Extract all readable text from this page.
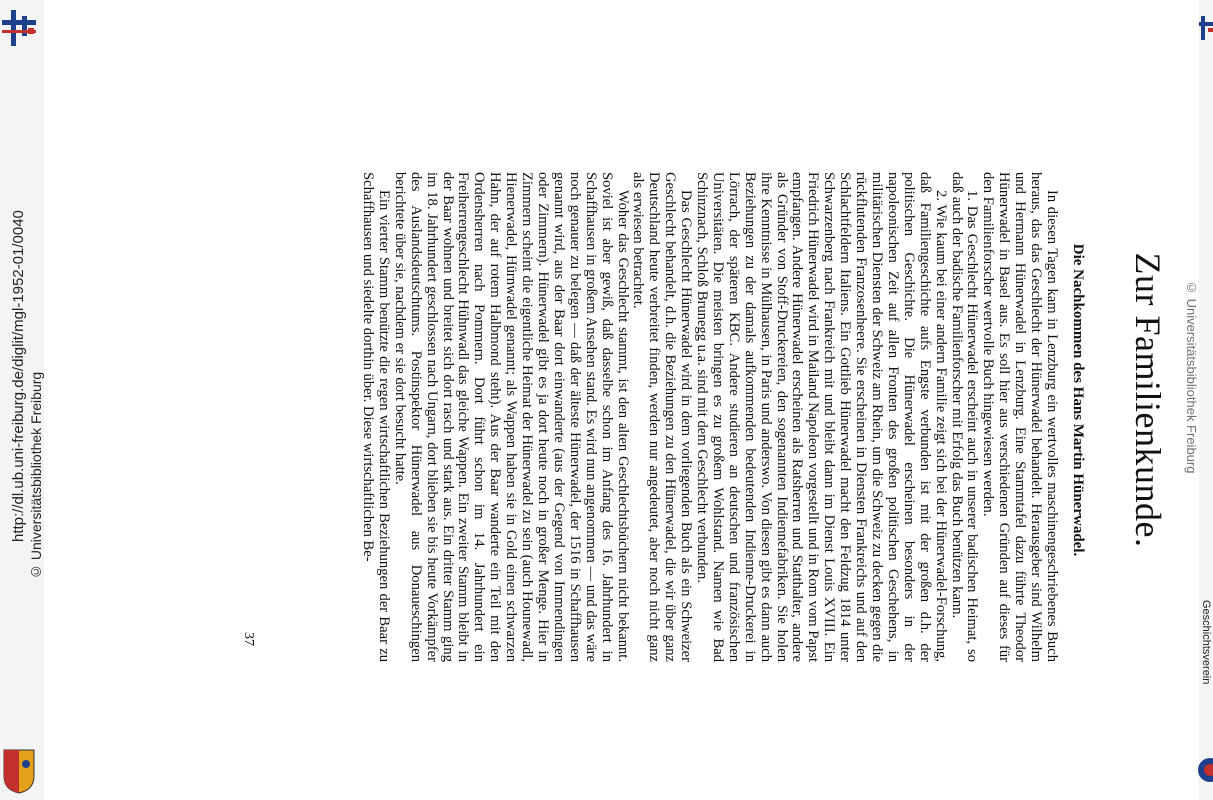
http://dl.ub.uni-freiburg.de/diglit/mgl-1952-01/0040 © Universitätsbibliothek Freiburg	Zur Familienkunde.
Die Nachkommen des Hans Martin Hünerwadel.

In diesen Tagen kam in Lenzburg ein wertvolles maschinengeschriebenes Buch heraus, das das Geschlecht der Hünerwadel behandelt. Herausgeber sind Wilhelm und Hermann Hünerwadel in Lenzburg. Eine Stammtafel dazu führte Theodor Hünerwadel in Basel aus. Es soll hier aus verschiedenen Gründen auf dieses für den Familienforscher wertvolle Buch hingewiesen werden.

1. Das Geschlecht Hünerwadel erscheint auch in unserer badischen Heimat, so daß auch der badische Familienforscher mit Erfolg das Buch benützen kann.

2. Wie kaum bei einer andern Familie zeigt sich bei der Hünerwadel-Forschung, daß Familiengeschichte aufs Engste verbunden ist mit der großen d.h. der politischen Geschichte. Die Hünerwadel erscheinen besonders in der napoleonischen Zeit auf allen Fronten des großen politischen Geschehens, in militärischen Diensten der Schweiz am Rhein, um die Schweiz zu decken gegen die rückflutenden Franzosenheere. Sie erscheinen in Diensten Frankreichs und auf den Schlachtfeldern Italiens. Ein Gottlieb Hünerwadel macht den Feldzug 1814 unter Schwarzenberg nach Frankreich mit und bleibt dann im Dienst Louis XVIII. Ein Friedrich Hünerwadel wird in Mailand Napoleon vorgestellt und in Rom vom Papst empfangen. Andere Hünerwadel erscheinen als Ratsherren und Statthalter, andere als Gründer von Stoff-Druckereien, den sogenannten Indiennefabriken. Sie holen ihre Kenntnisse in Mülhausen, in Paris und anderswo. Von diesen gibt es dann auch Beziehungen zu der damals aufkommenden bedeutenden Indienne-Druckerei in Lörrach, der späteren KBC. Andere studieren an deutschen und französischen Universitäten. Die meisten bringen es zu großem Wohlstand. Namen wie Bad Schinznach, Schloß Brunegg u.a. sind mit dem Geschlecht verbunden.

Das Geschlecht Hünerwadel wird in dem vorliegenden Buch als ein Schweizer Geschlecht behandelt, d.h. die Beziehungen zu den Hünerwadel, die wir über ganz Deutschland heute verbreitet finden, werden nur angedeutet, aber noch nicht ganz als erwiesen betrachtet.

Woher das Geschlecht stammt, ist den alten Geschlechtsbüchern nicht bekannt. Soviel ist aber gewiß, daß dasselbe schon im Anfang des 16. Jahrhundert in Schaffhausen in großem Ansehen stand. Es wird nun angenommen — und das wäre noch genauer zu belegen — daß der älteste Hünerwadel, der 1516 in Schaffhausen genannt wird, aus der Baar dort einwanderte (aus der Gegend von Immendingen oder Zimmern). Hünerwadel gibt es ja dort heute noch in großer Menge. Hier in Zimmern scheint die eigentliche Heimat der Hünerwadel zu sein (auch Hounewadl, Hienerwadel, Hürnwadel genannt; als Wappen haben sie in Gold einen schwarzen Hahn, der auf rotem Halbmond steht). Aus der Baar wanderte ein Teil mit den Ordensherren nach Pommern. Dort führt schon im 14. Jahrhundert ein Freiherrengeschlecht Hühnwadl das gleiche Wappen. Ein zweiter Stamm bleibt in der Baar wohnen und breitet sich dort rasch und stark aus. Ein dritter Stamm ging im 18. Jahrhundert geschlossen nach Ungarn, dort blieben sie bis heute Vorkämpfer des Auslandsdeutschtums. Postinspektor Hünerwadel aus Donaueschingen berichtete über sie, nachdem er sie dort besucht hatte.

Ein vierter Stamm benützte die regen wirtschaftlichen Beziehungen der Baar zu Schaffhausen und siedelte dorthin über. Diese wirtschaftlichen Be-

37
© Universitätsbibliothek Freiburg
Geschichtsverein
